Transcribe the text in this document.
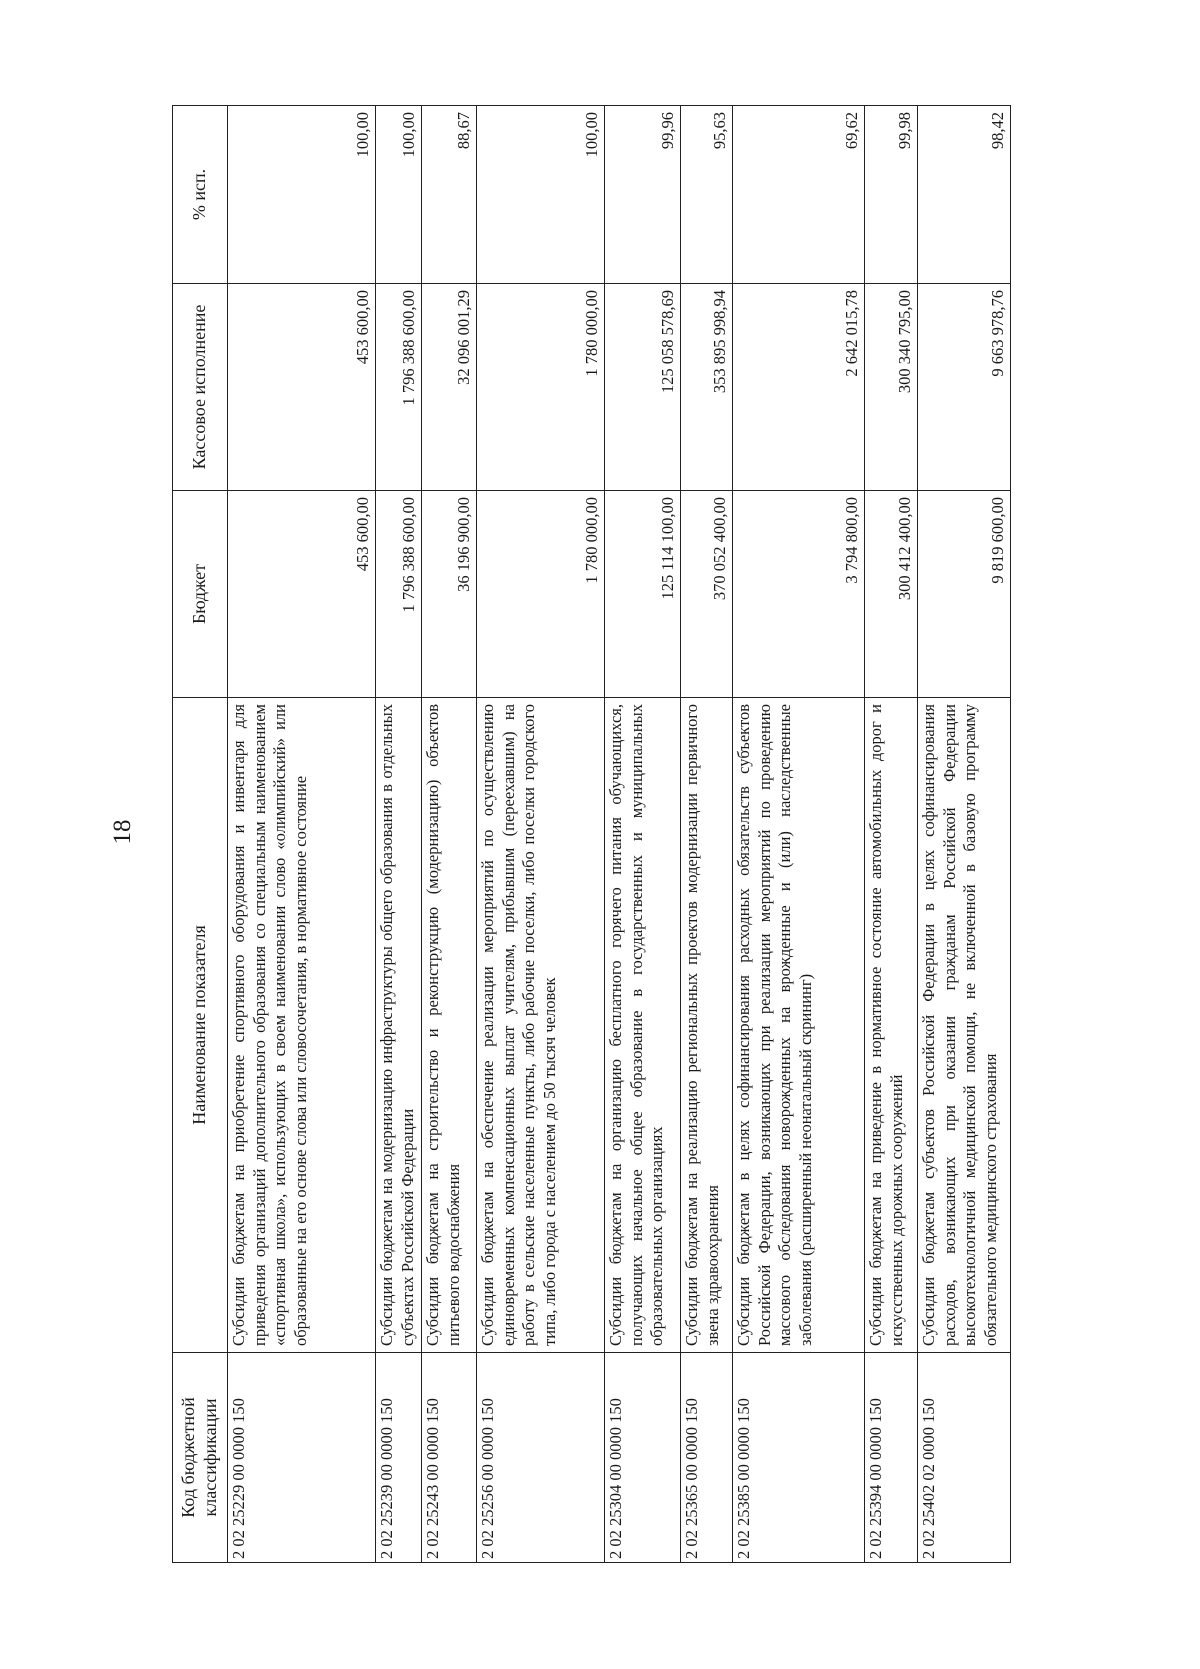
18
Код бюджетной классификации	Наименование показателя	Бюджет	Кассовое исполнение	% исп.
2 02 25229 00 0000 150	Субсидии бюджетам на приобретение спортивного оборудования и инвентаря для приведения организаций дополнительного образования со специальным наименованием «спортивная школа», использующих в своем наименовании слово «олимпийский» или образованные на его основе слова или словосочетания, в нормативное состояние	453 600,00	453 600,00	100,00
2 02 25239 00 0000 150	Субсидии бюджетам на модернизацию инфраструктуры общего образования в отдельных субъектах Российской Федерации	1 796 388 600,00	1 796 388 600,00	100,00
2 02 25243 00 0000 150	Субсидии бюджетам на строительство и реконструкцию (модернизацию) объектов питьевого водоснабжения	36 196 900,00	32 096 001,29	88,67
2 02 25256 00 0000 150	Субсидии бюджетам на обеспечение реализации мероприятий по осуществлению единовременных компенсационных выплат учителям, прибывшим (переехавшим) на работу в сельские населенные пункты, либо рабочие поселки, либо поселки городского типа, либо города с населением до 50 тысяч человек	1 780 000,00	1 780 000,00	100,00
2 02 25304 00 0000 150	Субсидии бюджетам на организацию бесплатного горячего питания обучающихся, получающих начальное общее образование в государственных и муниципальных образовательных организациях	125 114 100,00	125 058 578,69	99,96
2 02 25365 00 0000 150	Субсидии бюджетам на реализацию региональных проектов модернизации первичного звена здравоохранения	370 052 400,00	353 895 998,94	95,63
2 02 25385 00 0000 150	Субсидии бюджетам в целях софинансирования расходных обязательств субъектов Российской Федерации, возникающих при реализации мероприятий по проведению массового обследования новорожденных на врожденные и (или) наследственные заболевания (расширенный неонатальный скрининг)	3 794 800,00	2 642 015,78	69,62
2 02 25394 00 0000 150	Субсидии бюджетам на приведение в нормативное состояние автомобильных дорог и искусственных дорожных сооружений	300 412 400,00	300 340 795,00	99,98
2 02 25402 02 0000 150	Субсидии бюджетам субъектов Российской Федерации в целях софинансирования расходов, возникающих при оказании гражданам Российской Федерации высокотехнологичной медицинской помощи, не включенной в базовую программу обязательного медицинского страхования	9 819 600,00	9 663 978,76	98,42
